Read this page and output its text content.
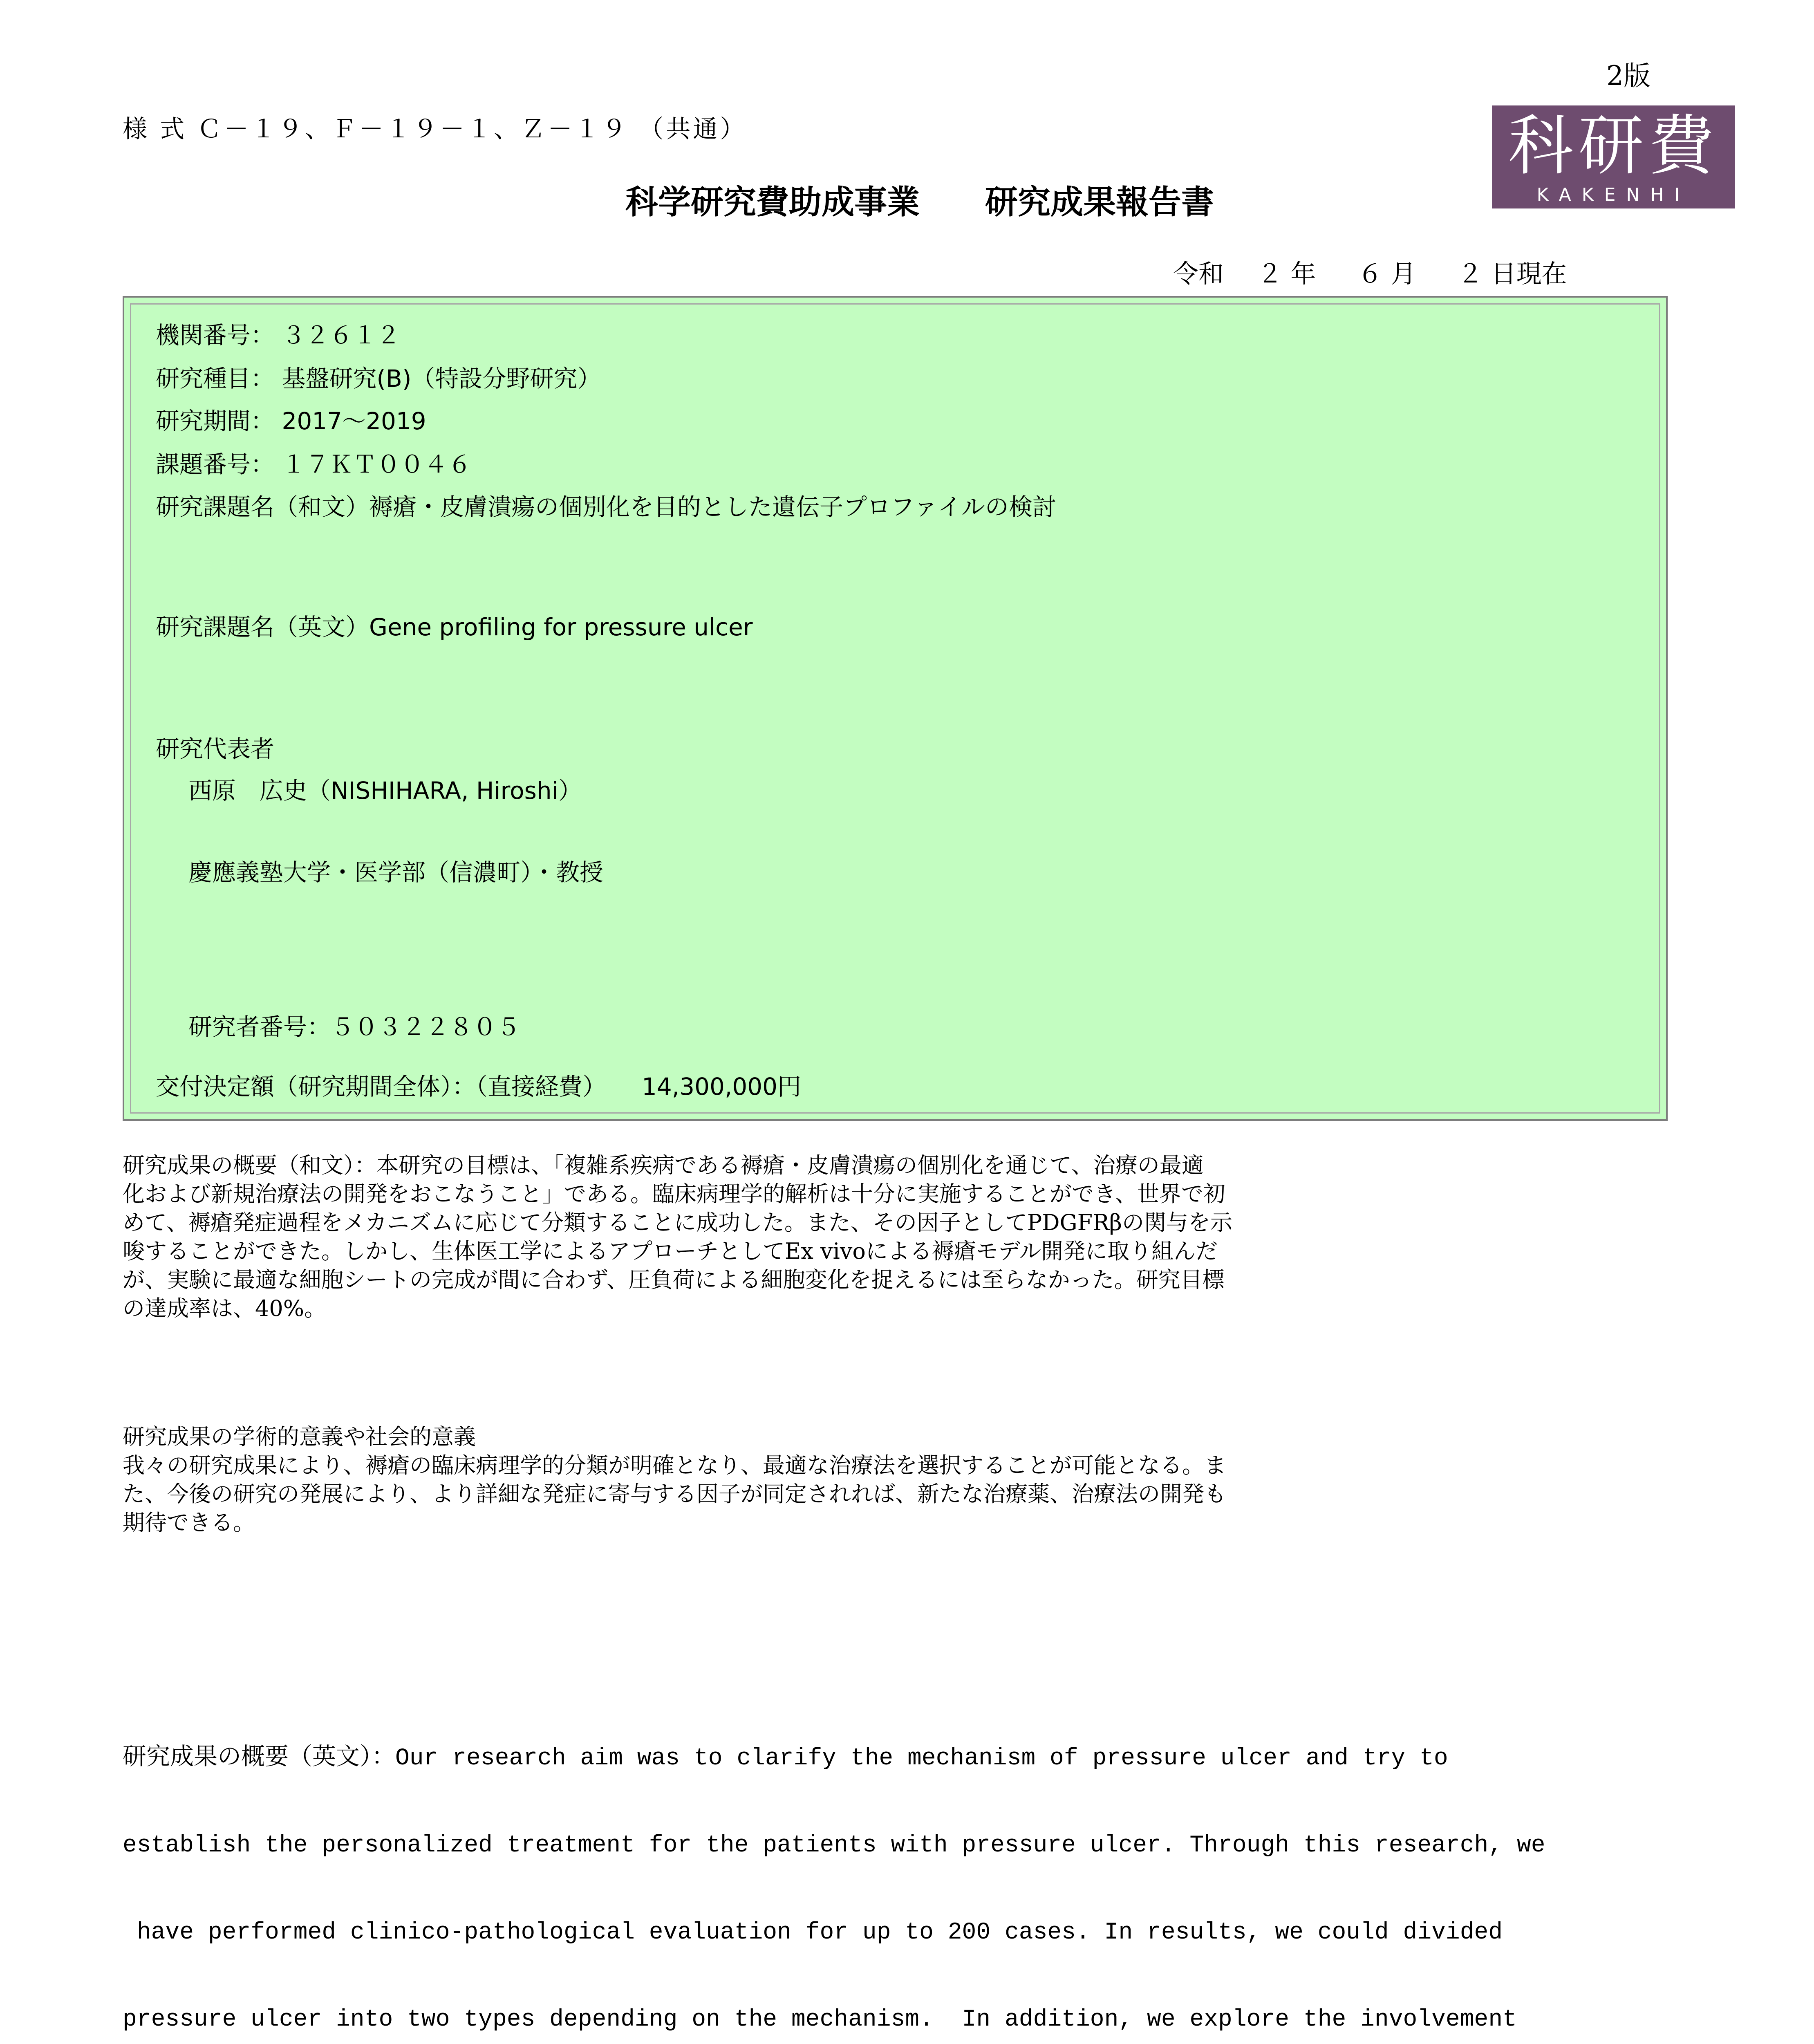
2版
様 式 Ｃ－１９、Ｆ－１９－１、Ｚ－１９ （共通）
科学研究費助成事業　　研究成果報告書
科研費
KAKENHI
令和　 ２ 年 　 ６ 月 　 ２ 日現在
機関番号： ３２６１２
研究種目： 基盤研究(B)（特設分野研究）
研究期間： 2017～2019
課題番号： １７ＫＴ００４６
研究課題名（和文）褥瘡・皮膚潰瘍の個別化を目的とした遺伝子プロファイルの検討
研究課題名（英文）Gene profiling for pressure ulcer
研究代表者
西原　広史（NISHIHARA, Hiroshi）
慶應義塾大学・医学部（信濃町）・教授
研究者番号：５０３２２８０５
交付決定額（研究期間全体）：（直接経費）　　14,300,000円
研究成果の概要（和文）：本研究の目標は、「複雑系疾病である褥瘡・皮膚潰瘍の個別化を通じて、治療の最適
化および新規治療法の開発をおこなうこと」である。臨床病理学的解析は十分に実施することができ、世界で初
めて、褥瘡発症過程をメカニズムに応じて分類することに成功した。また、その因子としてPDGFRβの関与を示
唆することができた。しかし、生体医工学によるアプローチとしてEx vivoによる褥瘡モデル開発に取り組んだ
が、実験に最適な細胞シートの完成が間に合わず、圧負荷による細胞変化を捉えるには至らなかった。研究目標
の達成率は、40%。
研究成果の学術的意義や社会的意義
我々の研究成果により、褥瘡の臨床病理学的分類が明確となり、最適な治療法を選択することが可能となる。ま
た、今後の研究の発展により、より詳細な発症に寄与する因子が同定されれば、新たな治療薬、治療法の開発も
期待できる。

研究成果の概要（英文）：Our research aim was to clarify the mechanism of pressure ulcer and try to

establish the personalized treatment for the patients with pressure ulcer. Through this research, we

have performed clinico-pathological evaluation for up to 200 cases. In results, we could divided

pressure ulcer into two types depending on the mechanism.  In addition, we explore the involvement
